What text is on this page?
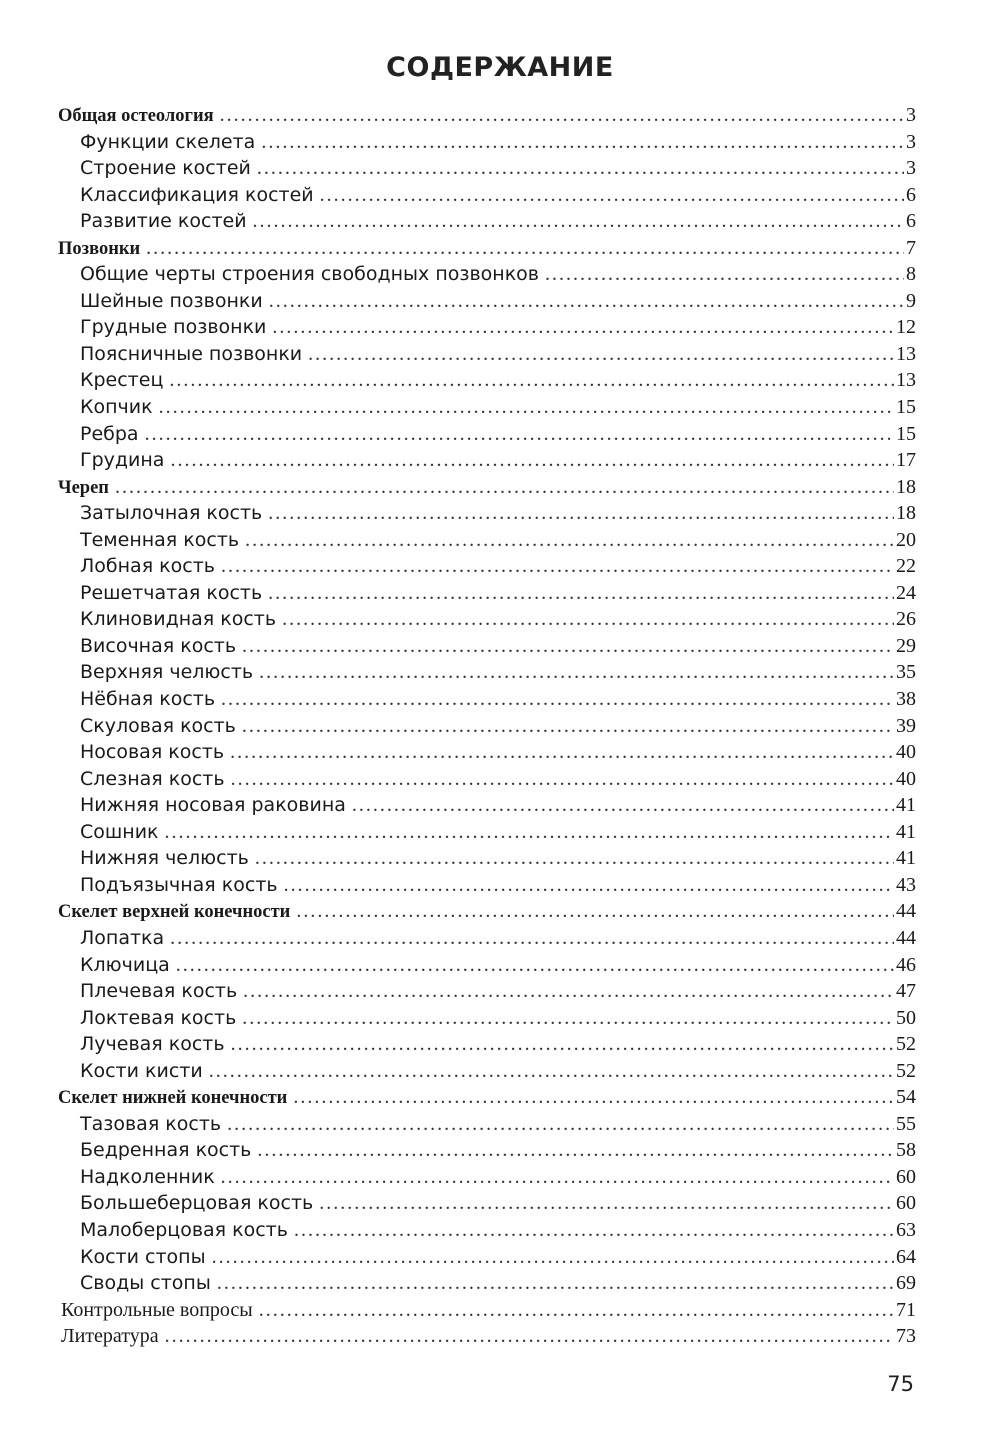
СОДЕРЖАНИЕ
Общая остеология .....	3
Функции скелета .....	3
Строение костей .....	3
Классификация костей .....	6
Развитие костей .....	6
Позвонки .....	7
Общие черты строения свободных позвонков .....	8
Шейные позвонки .....	9
Грудные позвонки .....	12
Поясничные позвонки .....	13
Крестец .....	13
Копчик .....	15
Ребра .....	15
Грудина .....	17
Череп .....	18
Затылочная кость .....	18
Теменная кость .....	20
Лобная кость .....	22
Решетчатая кость .....	24
Клиновидная кость .....	26
Височная кость .....	29
Верхняя челюсть .....	35
Нёбная кость .....	38
Скуловая кость .....	39
Носовая кость .....	40
Слезная кость .....	40
Нижняя носовая раковина .....	41
Сошник .....	41
Нижняя челюсть .....	41
Подъязычная кость .....	43
Скелет верхней конечности .....	44
Лопатка .....	44
Ключица .....	46
Плечевая кость .....	47
Локтевая кость .....	50
Лучевая кость .....	52
Кости кисти .....	52
Скелет нижней конечности .....	54
Тазовая кость .....	55
Бедренная кость .....	58
Надколенник .....	60
Большеберцовая кость .....	60
Малоберцовая кость .....	63
Кости стопы .....	64
Своды стопы .....	69
Контрольные вопросы .....	71
Литература .....	73
75
